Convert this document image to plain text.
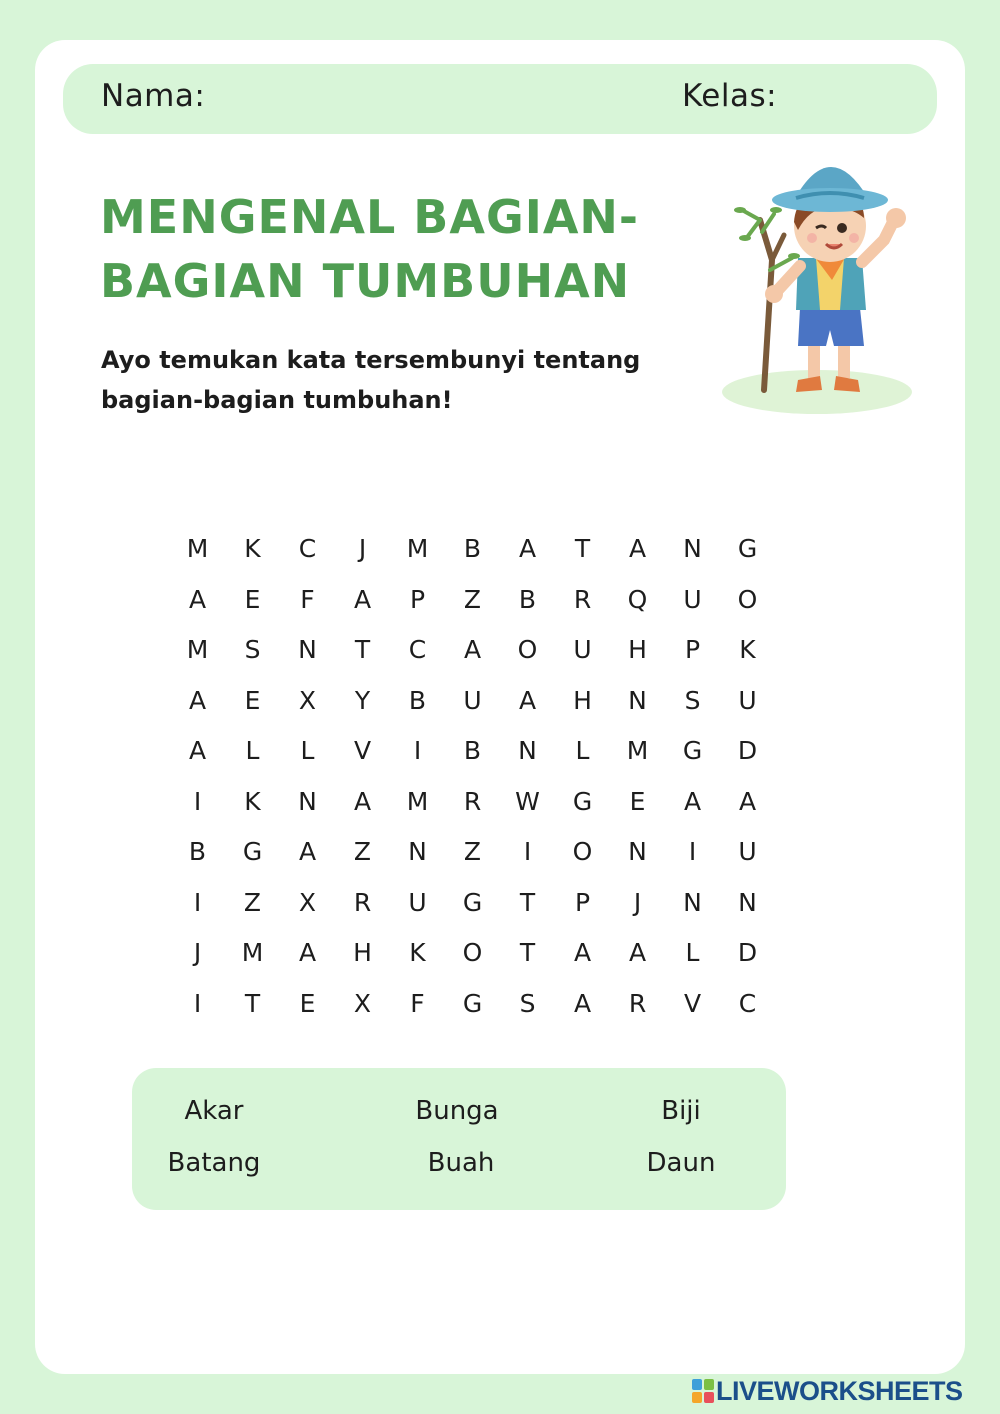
Nama:	Kelas:
MENGENAL BAGIAN-
BAGIAN TUMBUHAN

Ayo temukan kata tersembunyi tentang
bagian-bagian tumbuhan!

M	K	C	J	M	B	A	T	A	N	G
A	E	F	A	P	Z	B	R	Q	U	O
M	S	N	T	C	A	O	U	H	P	K
A	E	X	Y	B	U	A	H	N	S	U
A	L	L	V	I	B	N	L	M	G	D
I	K	N	A	M	R	W	G	E	A	A
B	G	A	Z	N	Z	I	O	N	I	U
I	Z	X	R	U	G	T	P	J	N	N
J	M	A	H	K	O	T	A	A	L	D
I	T	E	X	F	G	S	A	R	V	C
Akar	Bunga	Biji
Batang	Buah	Daun
LIVEWORKSHEETS
